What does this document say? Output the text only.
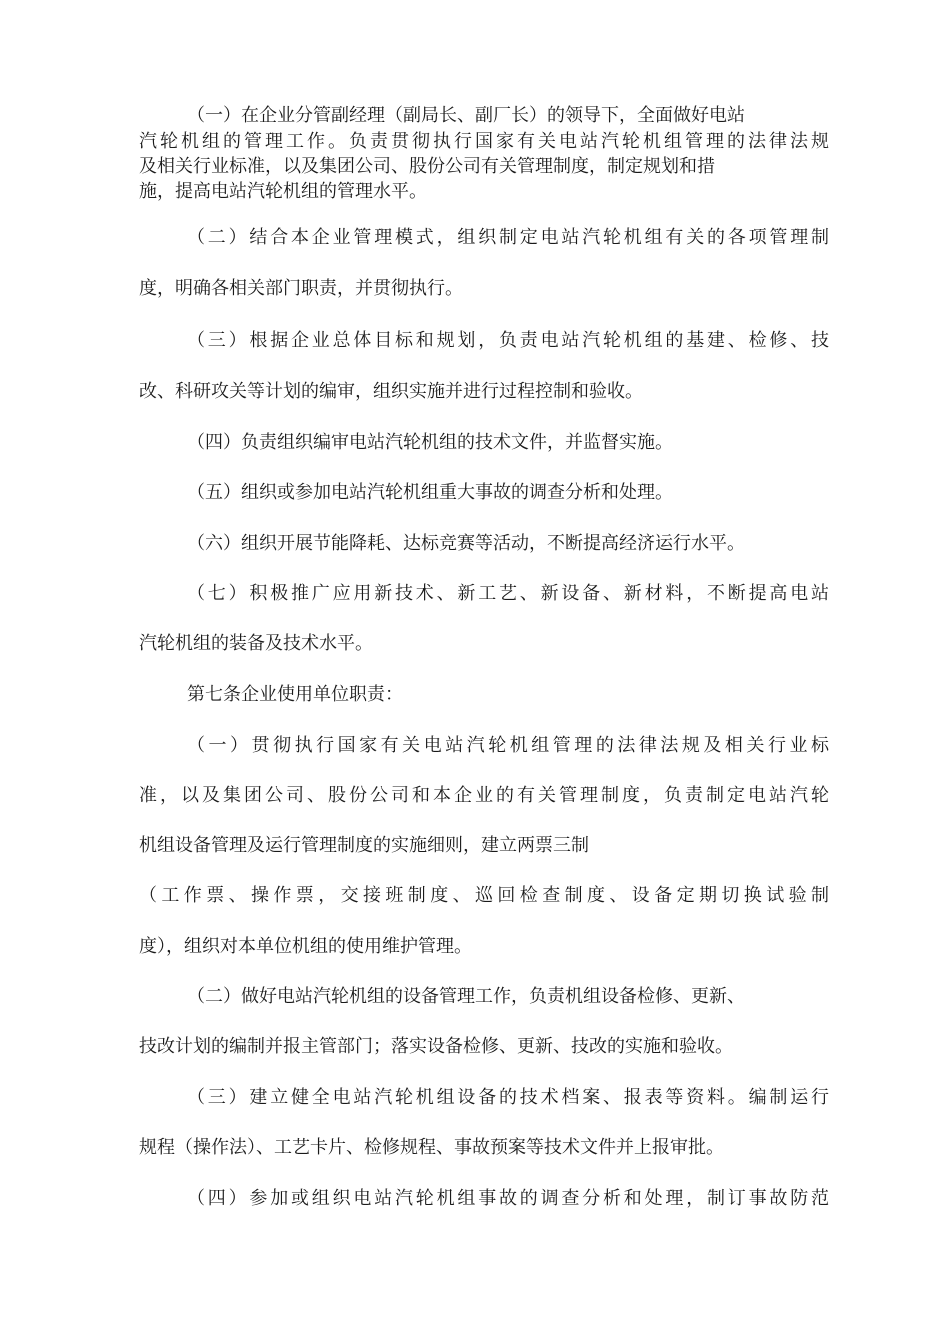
（一）在企业分管副经理（副局长、副厂长）的领导下，全面做好电站
汽轮机组的管理工作。负责贯彻执行国家有关电站汽轮机组管理的法律法规
及相关行业标准，以及集团公司、股份公司有关管理制度，制定规划和措
施，提高电站汽轮机组的管理水平。
（二）结合本企业管理模式，组织制定电站汽轮机组有关的各项管理制
度，明确各相关部门职责，并贯彻执行。
（三）根据企业总体目标和规划，负责电站汽轮机组的基建、检修、技
改、科研攻关等计划的编审，组织实施并进行过程控制和验收。
（四）负责组织编审电站汽轮机组的技术文件，并监督实施。
（五）组织或参加电站汽轮机组重大事故的调查分析和处理。
（六）组织开展节能降耗、达标竞赛等活动，不断提高经济运行水平。
（七）积极推广应用新技术、新工艺、新设备、新材料，不断提高电站
汽轮机组的装备及技术水平。
第七条企业使用单位职责：
（一）贯彻执行国家有关电站汽轮机组管理的法律法规及相关行业标
准，以及集团公司、股份公司和本企业的有关管理制度，负责制定电站汽轮
机组设备管理及运行管理制度的实施细则，建立两票三制
（工作票、操作票，交接班制度、巡回检查制度、设备定期切换试验制
度），组织对本单位机组的使用维护管理。
（二）做好电站汽轮机组的设备管理工作，负责机组设备检修、更新、
技改计划的编制并报主管部门；落实设备检修、更新、技改的实施和验收。
（三）建立健全电站汽轮机组设备的技术档案、报表等资料。编制运行
规程（操作法）、工艺卡片、检修规程、事故预案等技术文件并上报审批。
（四）参加或组织电站汽轮机组事故的调查分析和处理，制订事故防范
